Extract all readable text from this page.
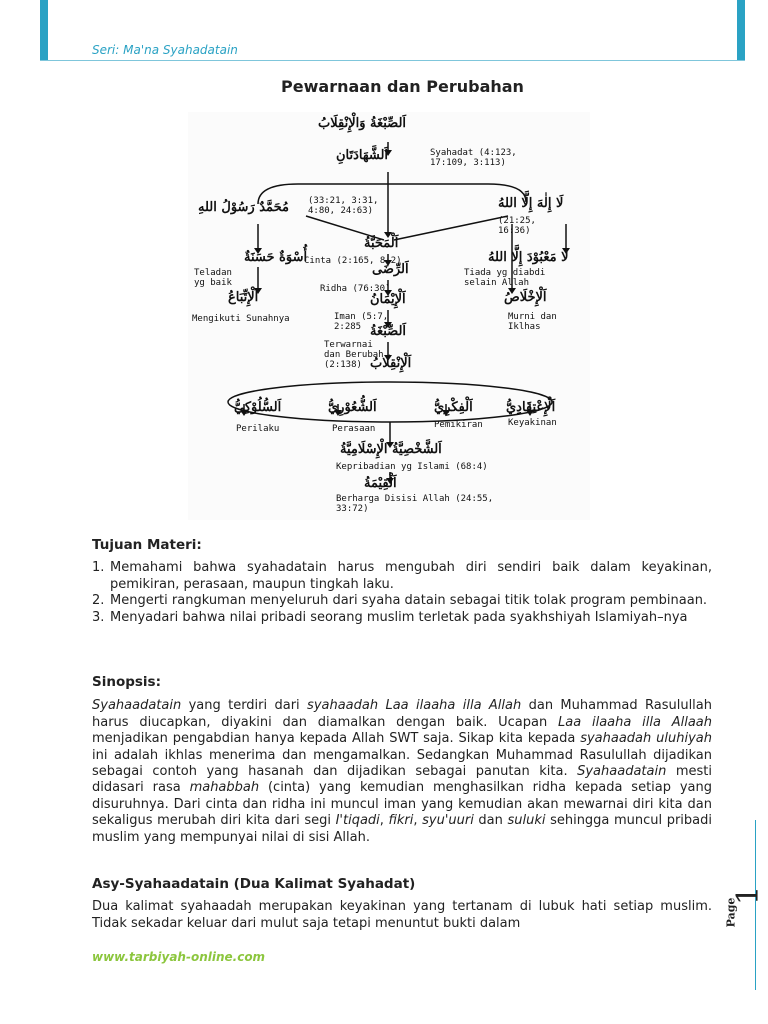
Seri: Ma'na Syahadatain
Pewarnaan dan Perubahan
اَلصِّبْغَةُ وَالْإِنْقِلَابُ
اَلشَّهَادَتَانِ
لَا إِلٰهَ إِلَّا اللهُ
مُحَمَّدٌ رَسُوْلُ اللهِ
اَلْمَحَبَّةُ
أُسْوَةٌ حَسَنَةٌ	لَا مَعْبُوْدَ إِلَّا اللهُ
اَلرِّضَى
اَلْإِتِّبَاعُ	اَلْإِخْلَاصُ
اَلْإِيْمَانُ
اَلصِّبْغَةُ
اَلْإِنْقِلَابُ
اَلسُّلُوْكِيُّ	اَلشُّعُوْرِيُّ	اَلْفِكْرِيُّ	اَلْإِعْتِقَادِيُّ
اَلشَّخْصِيَّةُ الْإِسْلَامِيَّةُ
اَلْقِيْمَةُ
Syahadat (4:123,
17:109, 3:113)
(33:21, 3:31,
4:80, 24:63)
(21:25,
16:36)
Cinta (2:165, 8:2)
Teladan
yg baik
Tiada yg diabdi
selain Allah
Ridha (76:30)
Mengikuti Sunahnya	Murni dan
Iklhas
Iman (5:7,
2:285
Terwarnai
dan Berubah
(2:138)
Perilaku	Perasaan	Pemikiran	Keyakinan
Kepribadian yg Islami (68:4)
Berharga Disisi Allah (24:55,
33:72)
Tujuan Materi:
1. Memahami bahwa syahadatain harus mengubah diri sendiri baik dalam keyakinan, pemikiran, perasaan, maupun tingkah laku.
2. Mengerti rangkuman menyeluruh dari syaha datain sebagai titik tolak program pembinaan.
3. Menyadari bahwa nilai pribadi seorang muslim terletak pada syakhshiyah Islamiyah–nya
Sinopsis:

Syahaadatain yang terdiri dari syahaadah Laa ilaaha illa Allah dan Muhammad Rasulullah harus diucapkan, diyakini dan diamalkan dengan baik. Ucapan Laa ilaaha illa Allaah menjadikan pengabdian hanya kepada Allah SWT saja. Sikap kita kepada syahaadah uluhiyah ini adalah ikhlas menerima dan mengamalkan. Sedangkan Muhammad Rasulullah dijadikan sebagai contoh yang hasanah dan dijadikan sebagai panutan kita. Syahaadatain mesti didasari rasa mahabbah (cinta) yang kemudian menghasilkan ridha kepada setiap yang disuruhnya. Dari cinta dan ridha ini muncul iman yang kemudian akan mewarnai diri kita dan sekaligus merubah diri kita dari segi I'tiqadi, fikri, syu'uuri dan suluki sehingga muncul pribadi muslim yang mempunyai nilai di sisi Allah.

Asy-Syahaadatain (Dua Kalimat Syahadat)

Dua kalimat syahaadah merupakan keyakinan yang tertanam di lubuk hati setiap muslim. Tidak sekadar keluar dari mulut saja tetapi menuntut bukti dalam	Page
1
www.tarbiyah-online.com
